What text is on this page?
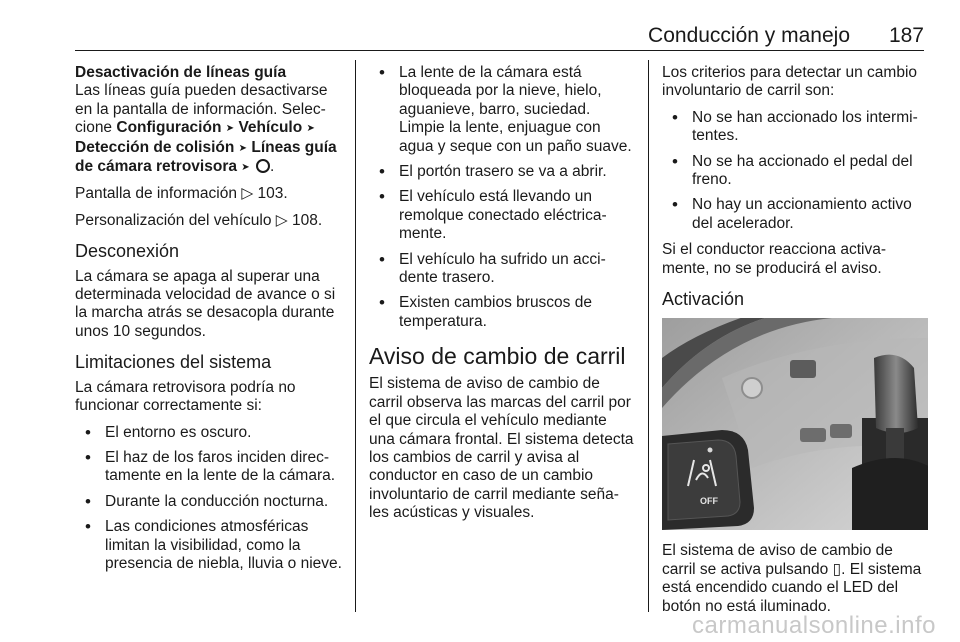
Conducción y manejo 187
Desactivación de líneas guía

Las líneas guía pueden desactivarse en la pantalla de información. Selec-cione Configuración ➤ Vehículo ➤ Detección de colisión ➤ Líneas guía de cámara retrovisora ➤ .

Pantalla de información ▷ 103.

Personalización del vehículo ▷ 108.

Desconexión

La cámara se apaga al superar una determinada velocidad de avance o si la marcha atrás se desacopla durante unos 10 segundos.

Limitaciones del sistema

La cámara retrovisora podría no funcionar correctamente si:

• El entorno es oscuro.
• El haz de los faros inciden direc-tamente en la lente de la cámara.
• Durante la conducción nocturna.
• Las condiciones atmosféricas limitan la visibilidad, como la presencia de niebla, lluvia o nieve.
• La lente de la cámara está bloqueada por la nieve, hielo, aguanieve, barro, suciedad. Limpie la lente, enjuague con agua y seque con un paño suave.
• El portón trasero se va a abrir.
• El vehículo está llevando un remolque conectado eléctrica-mente.
• El vehículo ha sufrido un acci-dente trasero.
• Existen cambios bruscos de temperatura.
Aviso de cambio de carril

El sistema de aviso de cambio de carril observa las marcas del carril por el que circula el vehículo mediante una cámara frontal. El sistema detecta los cambios de carril y avisa al conductor en caso de un cambio involuntario de carril mediante seña-les acústicas y visuales.

Los criterios para detectar un cambio involuntario de carril son:

• No se han accionado los intermi-tentes.
• No se ha accionado el pedal del freno.
• No hay un accionamiento activo del acelerador.

Si el conductor reacciona activa-mente, no se producirá el aviso.

Activación
OFF

El sistema de aviso de cambio de carril se activa pulsando ▯. El sistema está encendido cuando el LED del botón no está iluminado.

carmanualsonline.info
